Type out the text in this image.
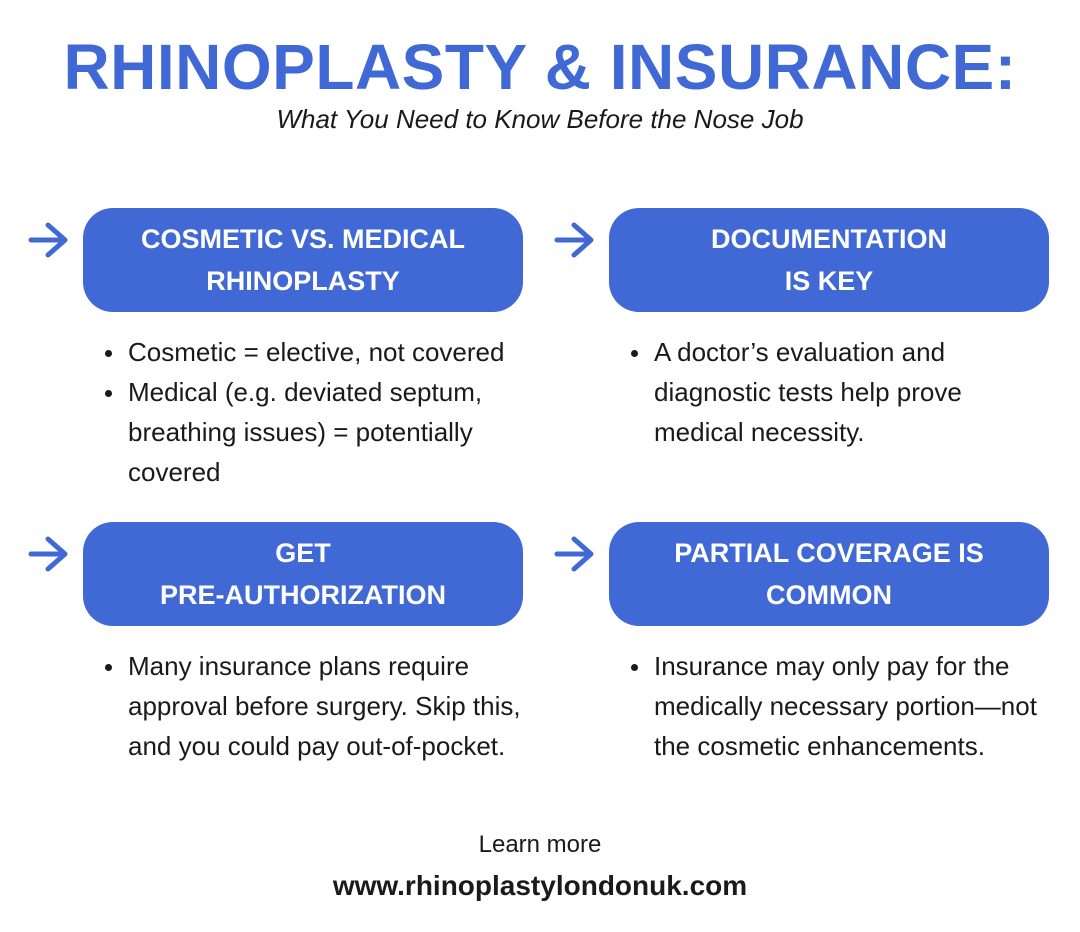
RHINOPLASTY & INSURANCE:
What You Need to Know Before the Nose Job
COSMETIC VS. MEDICAL
RHINOPLASTY
Cosmetic = elective, not covered
Medical (e.g. deviated septum, breathing issues) = potentially covered
DOCUMENTATION
IS KEY
A doctor’s evaluation and diagnostic tests help prove medical necessity.
GET
PRE-AUTHORIZATION
Many insurance plans require approval before surgery. Skip this, and you could pay out-of-pocket.
PARTIAL COVERAGE IS
COMMON
Insurance may only pay for the medically necessary portion—not the cosmetic enhancements.
Learn more
www.rhinoplastylondonuk.com
